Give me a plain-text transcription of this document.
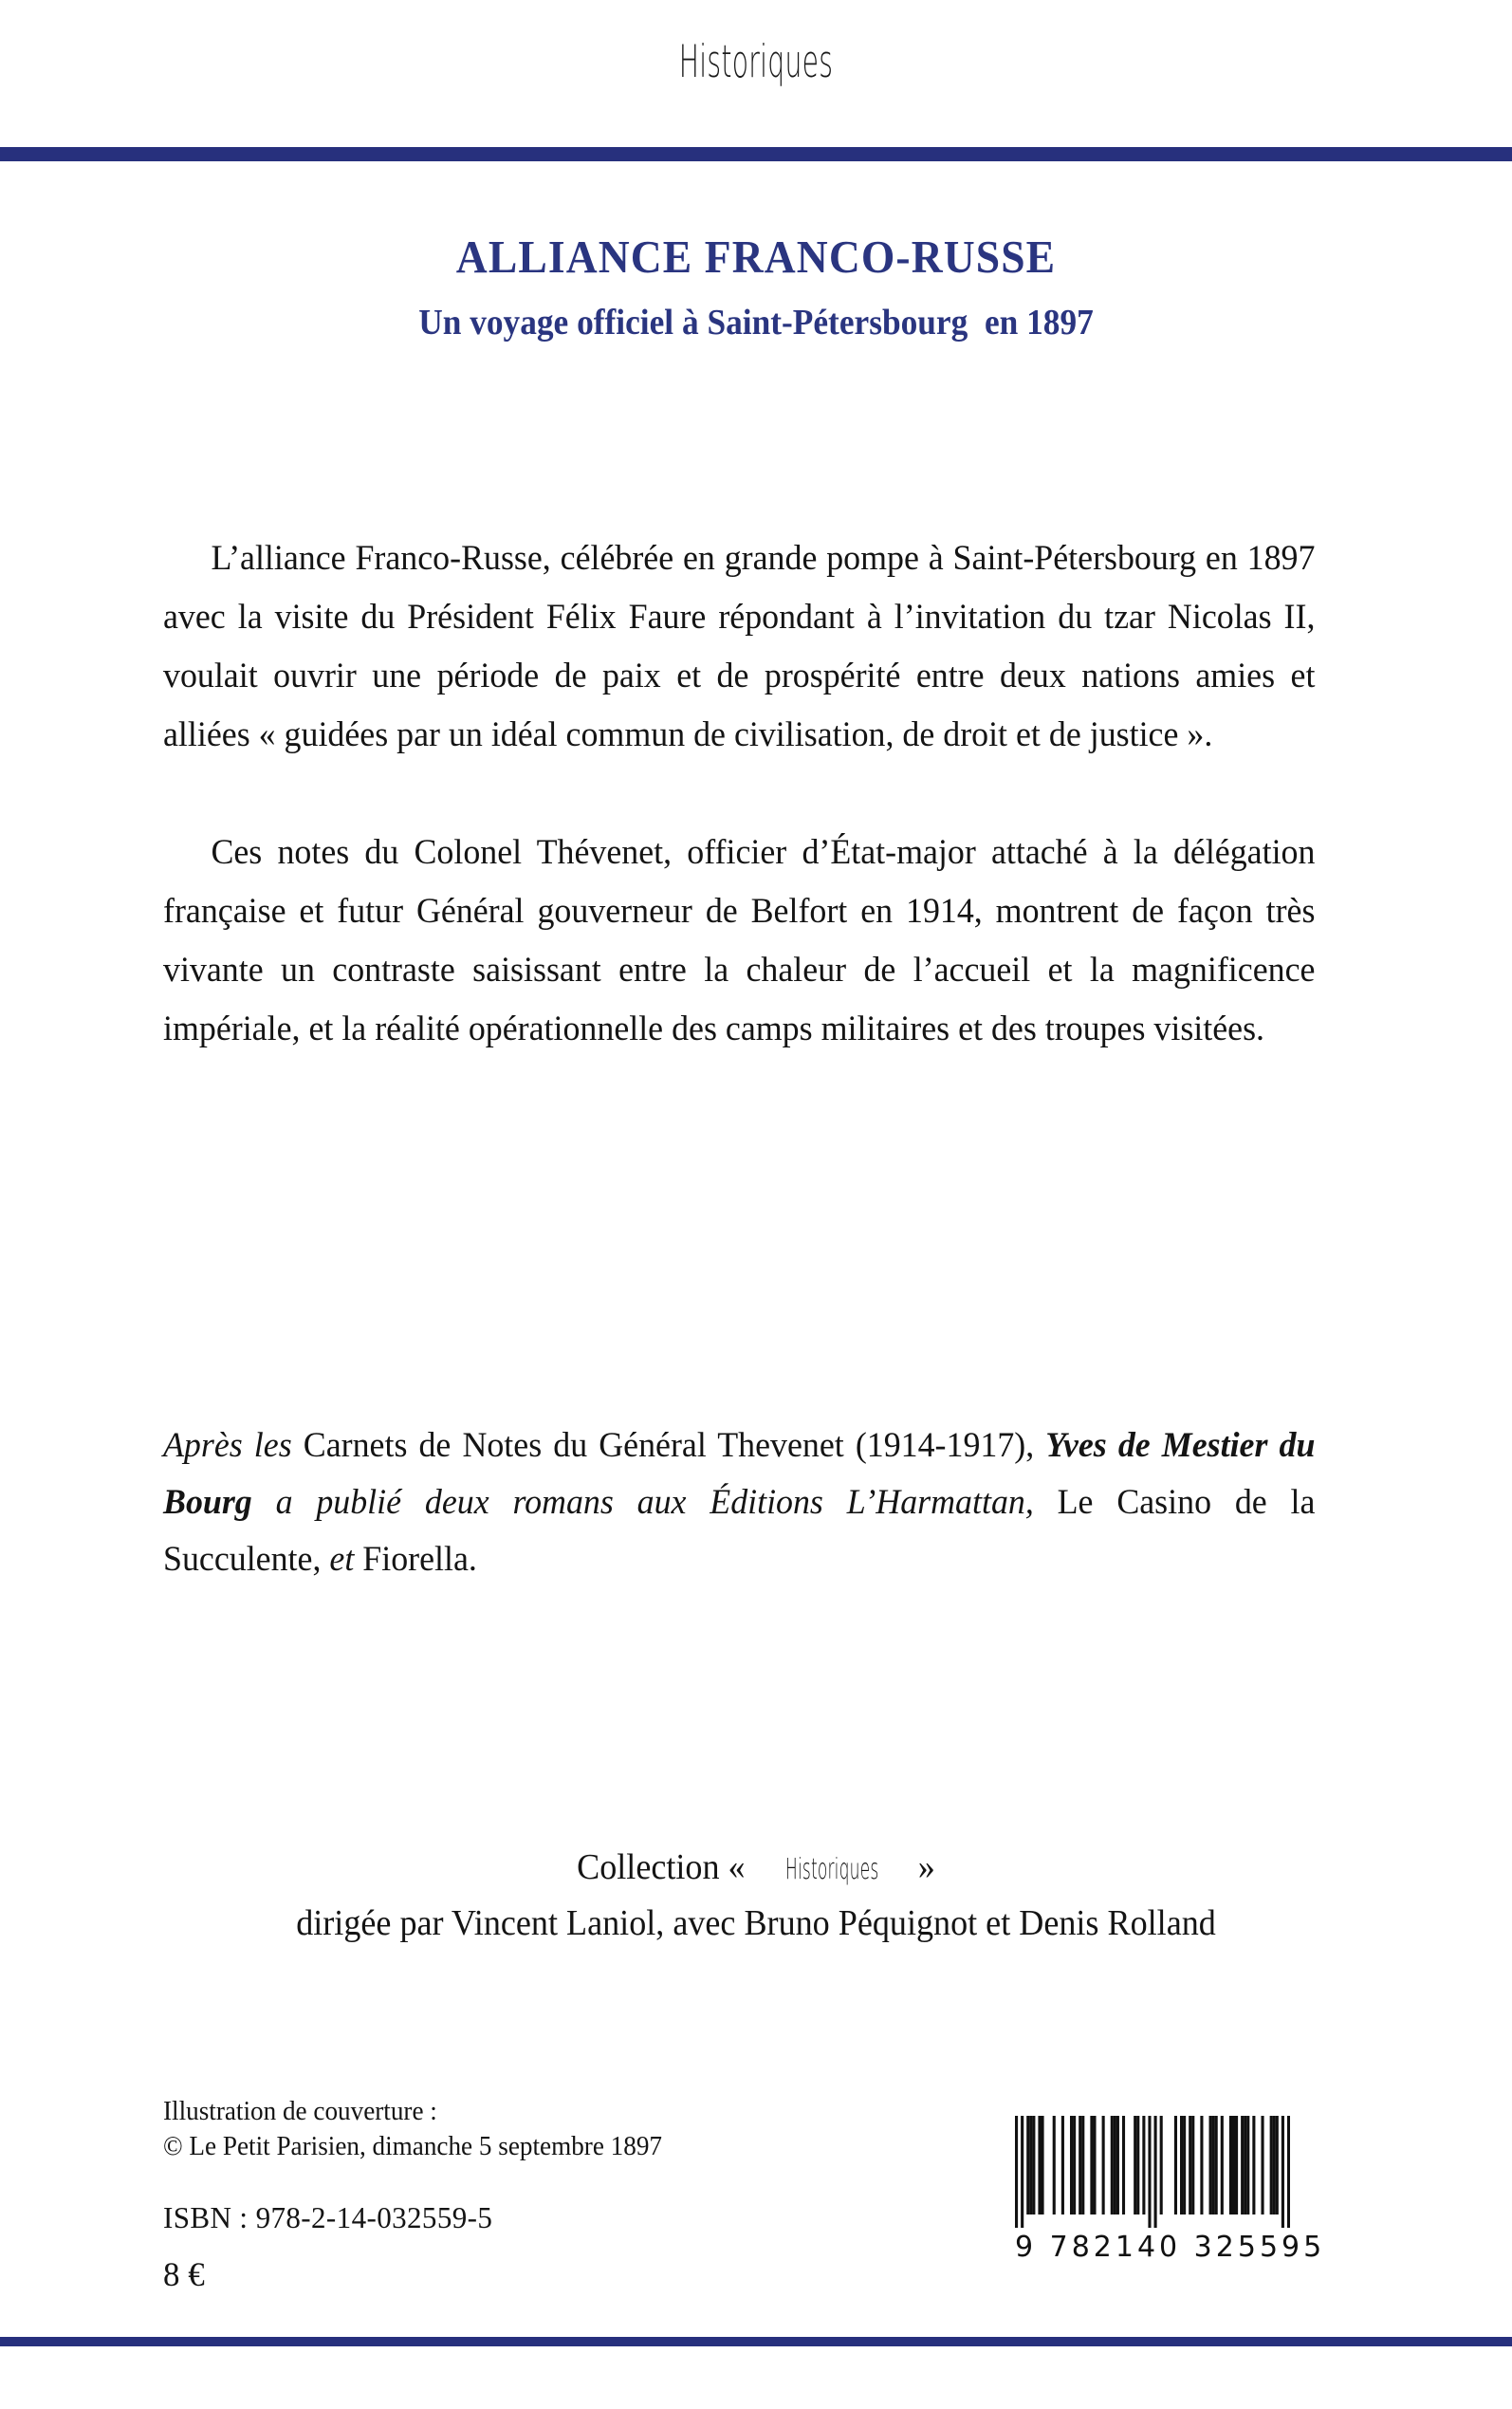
Historiques
ALLIANCE FRANCO-RUSSE
Un voyage officiel à Saint-Pétersbourg  en 1897

L’alliance Franco-Russe, célébrée en grande pompe à Saint-Pétersbourg en 1897 avec la visite du Président Félix Faure répondant à l’invitation du tzar Nicolas II, voulait ouvrir une période de paix et de prospérité entre deux nations amies et alliées « guidées par un idéal commun de civilisation, de droit et de justice ».

Ces notes du Colonel Thévenet, officier d’État-major attaché à la délégation française et futur Général gouverneur de Belfort en 1914, montrent de façon très vivante un contraste saisissant entre la chaleur de l’accueil et la magnificence impériale, et la réalité opérationnelle des camps militaires et des troupes visitées.

Après les Carnets de Notes du Général Thevenet (1914-1917), Yves de Mestier du Bourg a publié deux romans aux Éditions L’Harmattan, Le Casino de la Succulente, et Fiorella.

Collection « Historiques »
dirigée par Vincent Laniol, avec Bruno Péquignot et Denis Rolland
Illustration de couverture :
© Le Petit Parisien, dimanche 5 septembre 1897
ISBN : 978-2-14-032559-5
8 €
9 782140 325595
